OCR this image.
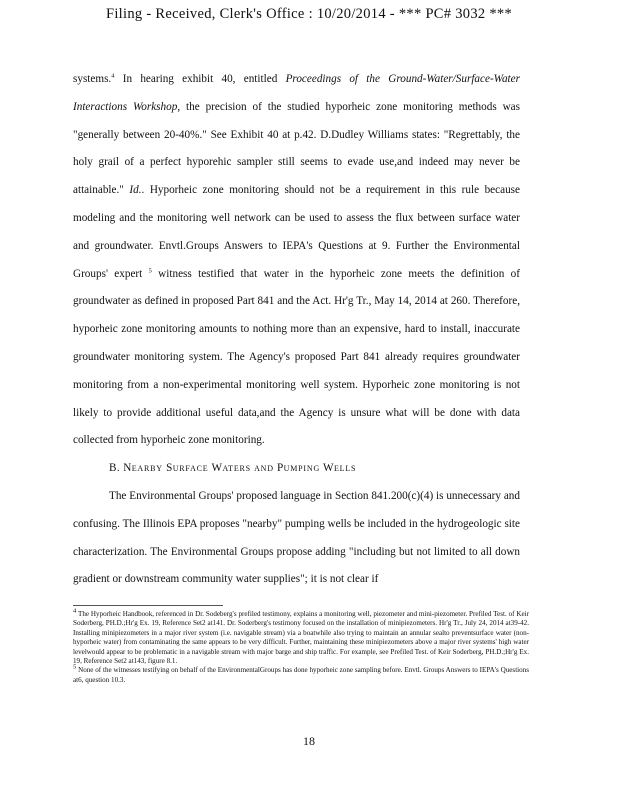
Filing - Received, Clerk's Office : 10/20/2014 - *** PC# 3032 ***

systems.$^4$ In hearing exhibit 40, entitled Proceedings of the Ground-Water/Surface-Water Interactions Workshop, the precision of the studied hyporheic zone monitoring methods was "generally between 20-40%." See Exhibit 40 at p.42. D.Dudley Williams states: "Regrettably, the holy grail of a perfect hyporehic sampler still seems to evade use,and indeed may never be attainable." Id.. Hyporheic zone monitoring should not be a requirement in this rule because modeling and the monitoring well network can be used to assess the flux between surface water and groundwater. Envtl.Groups Answers to IEPA's Questions at 9. Further the Environmental Groups' expert $^5$ witness testified that water in the hyporheic zone meets the definition of groundwater as defined in proposed Part 841 and the Act. Hr'g Tr., May 14, 2014 at 260. Therefore, hyporheic zone monitoring amounts to nothing more than an expensive, hard to install, inaccurate groundwater monitoring system. The Agency's proposed Part 841 already requires groundwater monitoring from a non-experimental monitoring well system. Hyporheic zone monitoring is not likely to provide additional useful data,and the Agency is unsure what will be done with data collected from hyporheic zone monitoring.

B. NEARBY SURFACE WATERS AND PUMPING WELLS

The Environmental Groups' proposed language in Section 841.200(c)(4) is unnecessary and confusing. The Illinois EPA proposes "nearby" pumping wells be included in the hydrogeologic site characterization. The Environmental Groups propose adding "including but not limited to all down gradient or downstream community water supplies"; it is not clear if

$^4$ The Hyporheic Handbook, referenced in Dr. Sodeberg's prefiled testimony, explains a monitoring well, piezometer and mini-piezometer. Prefiled Test. of Keir Soderberg, PH.D.;Hr'g Ex. 19, Reference Set2 at141. Dr. Soderberg's testimony focused on the installation of minipiezometers. Hr'g Tr., July 24, 2014 at39-42. Installing minipiezometers in a major river system (i.e. navigable stream) via a boatwhile also trying to maintain an annular sealto preventsurface water (non-hyporheic water) from contaminating the same appears to be very difficult. Further, maintaining these minipiezometers above a major river systems' high water levelwould appear to be problematic in a navigable stream with major barge and ship traffic. For example, see Prefiled Test. of Keir Soderberg, PH.D.;Hr'g Ex. 19, Reference Set2 at143, figure 8.1.

$^5$ None of the witnesses testifying on behalf of the EnvironmentalGroups has done hyporheic zone sampling before. Envtl. Groups Answers to IEPA's Questions at6, question 10.3.

18
